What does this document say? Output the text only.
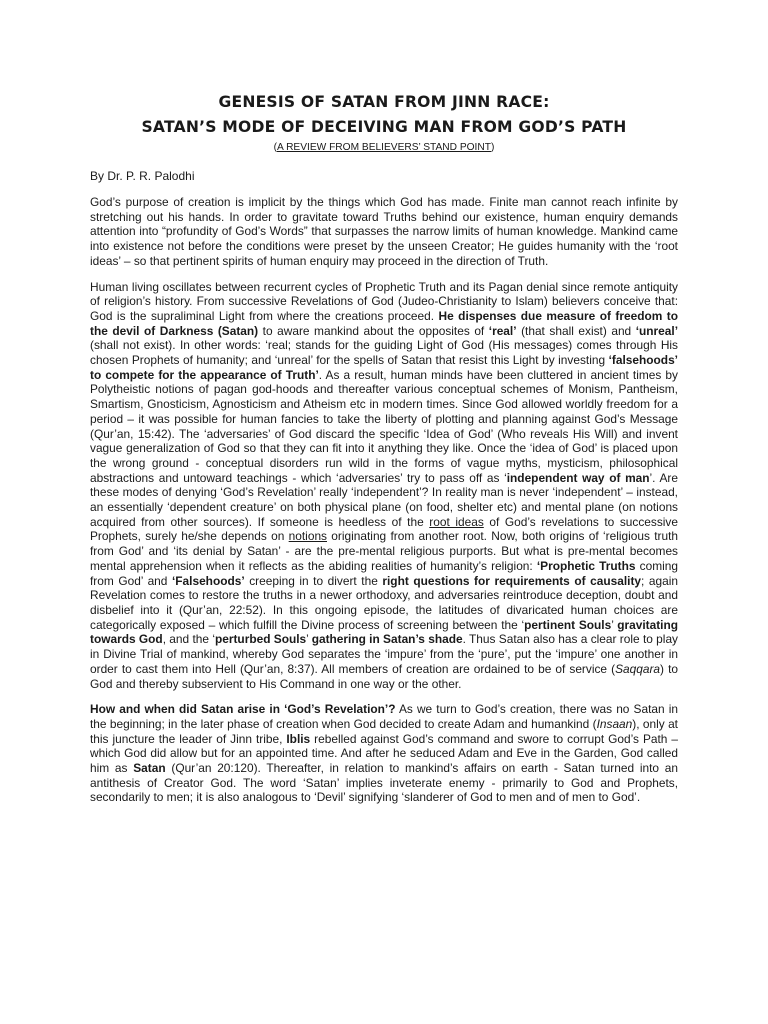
GENESIS OF SATAN FROM JINN RACE:
SATAN’S MODE OF DECEIVING MAN FROM GOD’S PATH
(A REVIEW FROM BELIEVERS’ STAND POINT)
By Dr. P. R. Palodhi

God’s purpose of creation is implicit by the things which God has made. Finite man cannot reach infinite by stretching out his hands. In order to gravitate toward Truths behind our existence, human enquiry demands attention into “profundity of God’s Words” that surpasses the narrow limits of human knowledge. Mankind came into existence not before the conditions were preset by the unseen Creator; He guides humanity with the ‘root ideas’ – so that pertinent spirits of human enquiry may proceed in the direction of Truth.

Human living oscillates between recurrent cycles of Prophetic Truth and its Pagan denial since remote antiquity of religion’s history. From successive Revelations of God (Judeo-Christianity to Islam) believers conceive that: God is the supraliminal Light from where the creations proceed. He dispenses due measure of freedom to the devil of Darkness (Satan) to aware mankind about the opposites of ‘real’ (that shall exist) and ‘unreal’ (shall not exist). In other words: ‘real; stands for the guiding Light of God (His messages) comes through His chosen Prophets of humanity; and ‘unreal’ for the spells of Satan that resist this Light by investing ‘falsehoods’ to compete for the appearance of Truth’. As a result, human minds have been cluttered in ancient times by Polytheistic notions of pagan god-hoods and thereafter various conceptual schemes of Monism, Pantheism, Smartism, Gnosticism, Agnosticism and Atheism etc in modern times. Since God allowed worldly freedom for a period – it was possible for human fancies to take the liberty of plotting and planning against God’s Message (Qur’an, 15:42). The ‘adversaries’ of God discard the specific ‘Idea of God’ (Who reveals His Will) and invent vague generalization of God so that they can fit into it anything they like. Once the ‘idea of God’ is placed upon the wrong ground - conceptual disorders run wild in the forms of vague myths, mysticism, philosophical abstractions and untoward teachings - which ‘adversaries’ try to pass off as ‘independent way of man’. Are these modes of denying ‘God’s Revelation’ really ‘independent’? In reality man is never ‘independent’ – instead, an essentially ‘dependent creature’ on both physical plane (on food, shelter etc) and mental plane (on notions acquired from other sources). If someone is heedless of the root ideas of God’s revelations to successive Prophets, surely he/she depends on notions originating from another root. Now, both origins of ‘religious truth from God’ and ‘its denial by Satan’ - are the pre-mental religious purports. But what is pre-mental becomes mental apprehension when it reflects as the abiding realities of humanity’s religion: ‘Prophetic Truths coming from God’ and ‘Falsehoods’ creeping in to divert the right questions for requirements of causality; again Revelation comes to restore the truths in a newer orthodoxy, and adversaries reintroduce deception, doubt and disbelief into it (Qur’an, 22:52). In this ongoing episode, the latitudes of divaricated human choices are categorically exposed – which fulfill the Divine process of screening between the ‘pertinent Souls’ gravitating towards God, and the ‘perturbed Souls’ gathering in Satan’s shade. Thus Satan also has a clear role to play in Divine Trial of mankind, whereby God separates the ‘impure’ from the ‘pure’, put the ‘impure’ one another in order to cast them into Hell (Qur’an, 8:37). All members of creation are ordained to be of service (Saqqara) to God and thereby subservient to His Command in one way or the other.

How and when did Satan arise in ‘God’s Revelation’? As we turn to God’s creation, there was no Satan in the beginning; in the later phase of creation when God decided to create Adam and humankind (Insaan), only at this juncture the leader of Jinn tribe, Iblis rebelled against God’s command and swore to corrupt God’s Path – which God did allow but for an appointed time. And after he seduced Adam and Eve in the Garden, God called him as Satan (Qur’an 20:120). Thereafter, in relation to mankind’s affairs on earth - Satan turned into an antithesis of Creator God. The word ‘Satan’ implies inveterate enemy - primarily to God and Prophets, secondarily to men; it is also analogous to ‘Devil’ signifying ‘slanderer of God to men and of men to God’.
